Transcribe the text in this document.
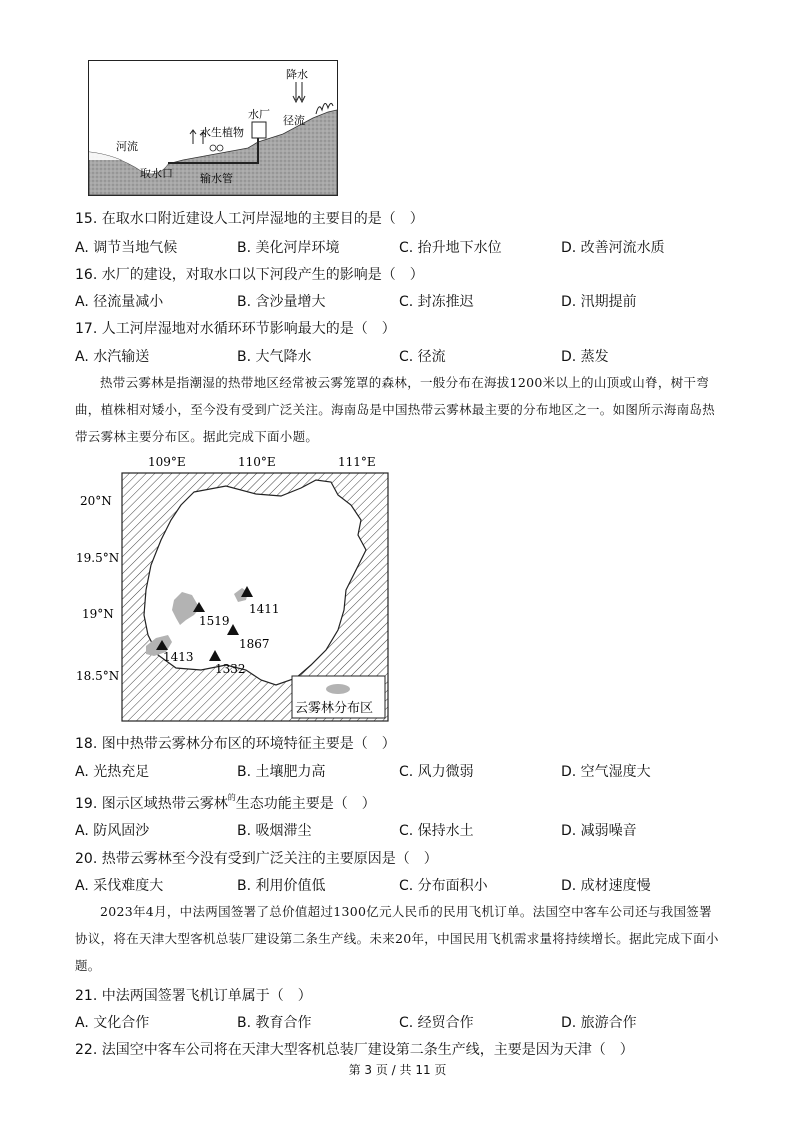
降水
径流
水厂
水生植物
河流
取水口 输水管
15. 在取水口附近建设人工河岸湿地的主要目的是（　）
A. 调节当地气候	B. 美化河岸环境	C. 抬升地下水位	D. 改善河流水质
16. 水厂的建设，对取水口以下河段产生的影响是（　）
A. 径流量减小	B. 含沙量增大	C. 封冻推迟	D. 汛期提前
17. 人工河岸湿地对水循环环节影响最大的是（　）
A. 水汽输送	B. 大气降水	C. 径流	D. 蒸发
热带云雾林是指潮湿的热带地区经常被云雾笼罩的森林，一般分布在海拔1200米以上的山顶或山脊，树干弯曲，植株相对矮小，至今没有受到广泛关注。海南岛是中国热带云雾林最主要的分布地区之一。如图所示海南岛热带云雾林主要分布区。据此完成下面小题。
109°E	110°E	111°E
20°N
19.5°N
19°N
18.5°N
1411
1519
1867
1413
1332
云雾林分布区
18. 图中热带云雾林分布区的环境特征主要是（　）
A. 光热充足	B. 土壤肥力高	C. 风力微弱	D. 空气湿度大
19. 图示区域热带云雾林$^的$生态功能主要是（　）
A. 防风固沙	B. 吸烟滞尘	C. 保持水土	D. 减弱噪音
20. 热带云雾林至今没有受到广泛关注的主要原因是（　）
A. 采伐难度大	B. 利用价值低	C. 分布面积小	D. 成材速度慢
2023年4月，中法两国签署了总价值超过1300亿元人民币的民用飞机订单。法国空中客车公司还与我国签署协议，将在天津大型客机总装厂建设第二条生产线。未来20年，中国民用飞机需求量将持续增长。据此完成下面小题。
21. 中法两国签署飞机订单属于（　）
A. 文化合作	B. 教育合作	C. 经贸合作	D. 旅游合作
22. 法国空中客车公司将在天津大型客机总装厂建设第二条生产线，主要是因为天津（　）
第 3 页 / 共 11 页
